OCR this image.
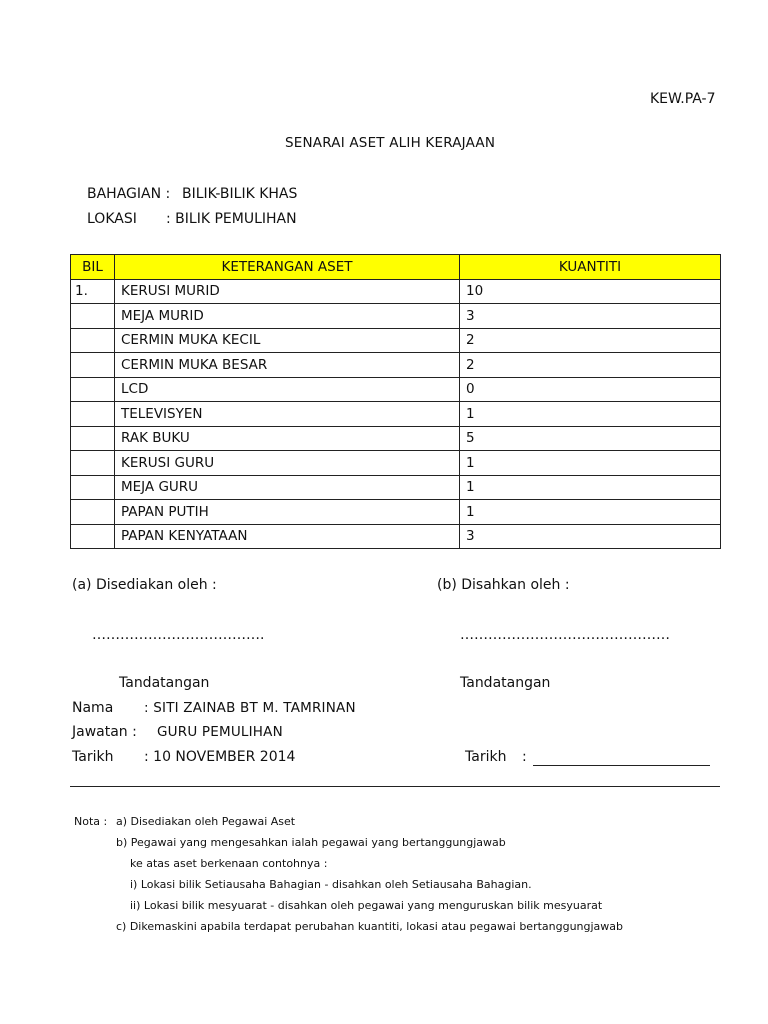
KEW.PA-7
SENARAI ASET ALIH KERAJAAN
BAHAGIAN : BILIK-BILIK KHAS
LOKASI : BILIK PEMULIHAN
BIL	KETERANGAN ASET	KUANTITI
1.	KERUSI MURID	10
	MEJA MURID	3
	CERMIN MUKA KECIL	2
	CERMIN MUKA BESAR	2
	LCD	0
	TELEVISYEN	1
	RAK BUKU	5
	KERUSI GURU	1
	MEJA GURU	1
	PAPAN PUTIH	1
	PAPAN KENYATAAN	3
(a) Disediakan oleh :	(b) Disahkan oleh :
……………………………….	………………………………………
Tandatangan	Tandatangan
Nama : SITI ZAINAB BT M. TAMRINAN
Jawatan : GURU PEMULIHAN
Tarikh : 10 NOVEMBER 2014	Tarikh :
Nota : a) Disediakan oleh Pegawai Aset
b) Pegawai yang mengesahkan ialah pegawai yang bertanggungjawab
ke atas aset berkenaan contohnya :
i) Lokasi bilik Setiausaha Bahagian - disahkan oleh Setiausaha Bahagian.
ii) Lokasi bilik mesyuarat - disahkan oleh pegawai yang menguruskan bilik mesyuarat
c) Dikemaskini apabila terdapat perubahan kuantiti, lokasi atau pegawai bertanggungjawab
